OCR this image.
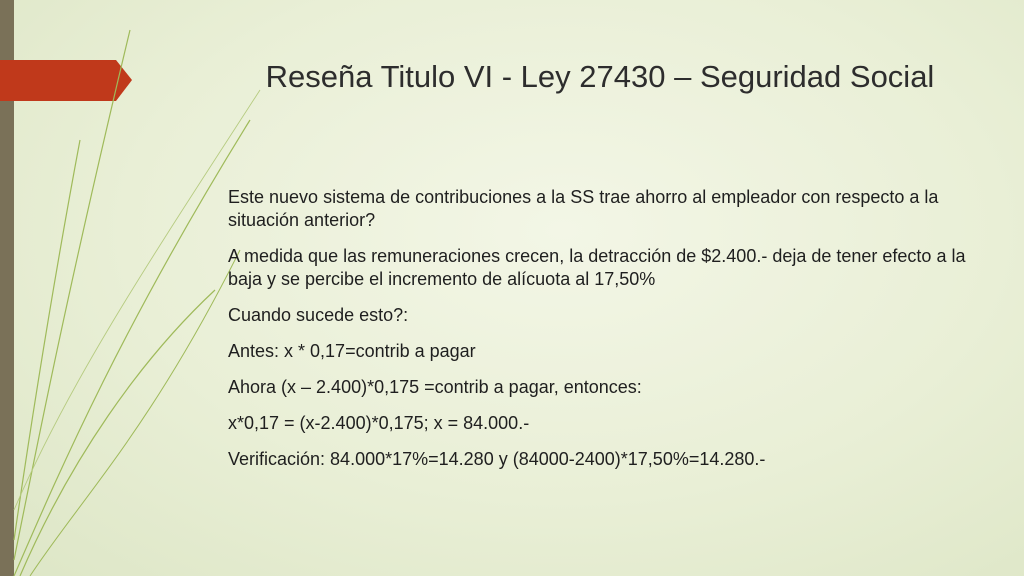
Reseña Titulo VI - Ley 27430 – Seguridad Social
Este nuevo sistema de contribuciones a la SS trae ahorro al empleador con respecto a la situación anterior?
A medida que las remuneraciones crecen, la detracción de $2.400.- deja de tener efecto a la baja y se percibe el incremento de alícuota al 17,50%
Cuando sucede esto?:
Antes: x * 0,17=contrib a pagar
Ahora (x – 2.400)*0,175 =contrib a pagar, entonces:
x*0,17 = (x-2.400)*0,175; x = 84.000.-
Verificación: 84.000*17%=14.280 y (84000-2400)*17,50%=14.280.-
